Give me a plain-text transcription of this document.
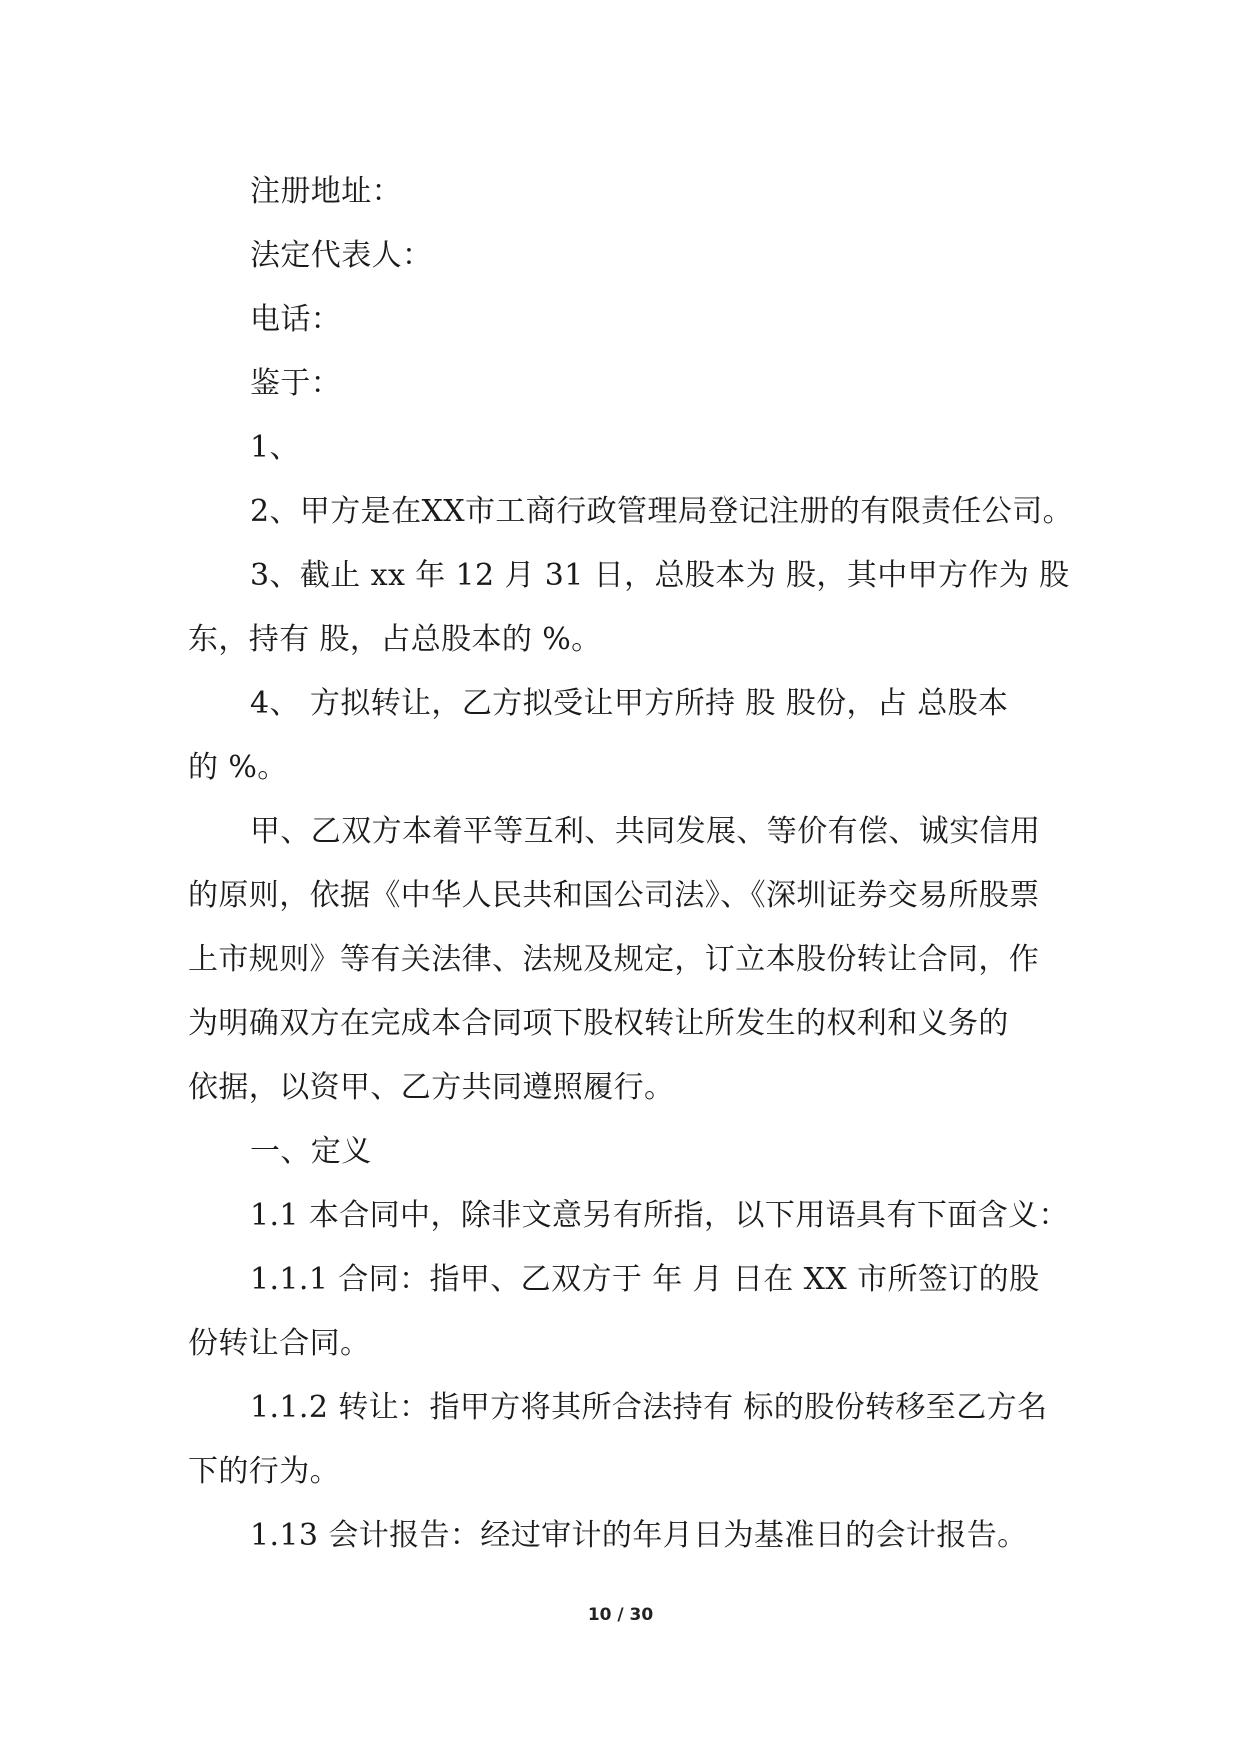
注册地址：
法定代表人：
电话：
鉴于：
1、
2、甲方是在XX市工商行政管理局登记注册的有限责任公司。
3、截止 xx 年 12 月 31 日，总股本为 股，其中甲方作为 股
东，持有 股，占总股本的 %。
4、 方拟转让，乙方拟受让甲方所持 股 股份，占 总股本
的 %。
甲、乙双方本着平等互利、共同发展、等价有偿、诚实信用
的原则，依据《中华人民共和国公司法》、《深圳证券交易所股票
上市规则》等有关法律、法规及规定，订立本股份转让合同，作
为明确双方在完成本合同项下股权转让所发生的权利和义务的
依据，以资甲、乙方共同遵照履行。
一、定义
1.1 本合同中，除非文意另有所指，以下用语具有下面含义：
1.1.1 合同：指甲、乙双方于 年 月 日在 XX 市所签订的股
份转让合同。
1.1.2 转让：指甲方将其所合法持有 标的股份转移至乙方名
下的行为。
1.13 会计报告：经过审计的年月日为基准日的会计报告。
10 / 30
